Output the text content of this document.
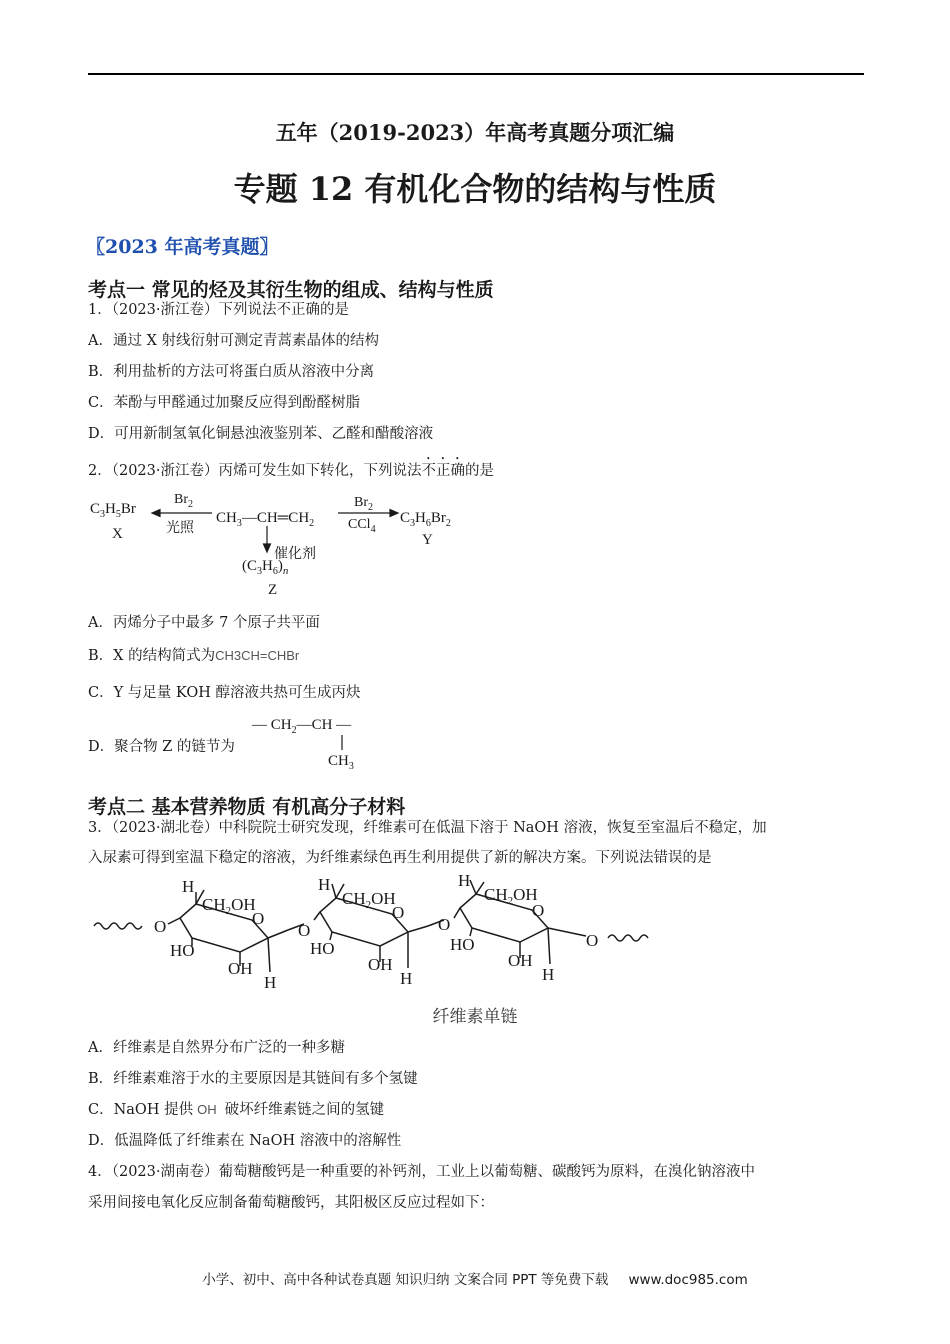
五年（2019-2023）年高考真题分项汇编
专题 12 有机化合物的结构与性质
〖2023 年高考真题〗
考点一 常见的烃及其衍生物的组成、结构与性质
1．（2023·浙江卷）下列说法不正确的是
A．通过 X 射线衍射可测定青蒿素晶体的结构
B．利用盐析的方法可将蛋白质从溶液中分离
C．苯酚与甲醛通过加聚反应得到酚醛树脂
D．可用新制氢氧化铜悬浊液鉴别苯、乙醛和醋酸溶液
2．（2023·浙江卷）丙烯可发生如下转化，下列说法不正确的是
$C_3H_5Br$
X
$Br_2$
光照
$CH_3—CH═CH_2$
$Br_2$
CCl$_4$
$C_3H_6Br_2$
Y
催化剂
$(C_3H_6)_n$
Z
A．丙烯分子中最多 7 个原子共平面
B．X 的结构简式为CH3CH=CHBr
C．Y 与足量 KOH 醇溶液共热可生成丙炔
D．聚合物 Z 的链节为
— $CH_2—CH$ —
$CH_3$
考点二 基本营养物质 有机高分子材料
3．（2023·湖北卷）中科院院士研究发现，纤维素可在低温下溶于 NaOH 溶液，恢复至室温后不稳定，加
入尿素可得到室温下稳定的溶液，为纤维素绿色再生利用提供了新的解决方案。下列说法错误的是
O
H
$CH_2OH$
O
HO
OH
H
O
H
$CH_2OH$
O
HO
OH
H
O
H
$CH_2OH$
O
HO
OH
H
O
纤维素单链
A．纤维素是自然界分布广泛的一种多糖
B．纤维素难溶于水的主要原因是其链间有多个氢键
C．NaOH 提供 OH 破坏纤维素链之间的氢键
D．低温降低了纤维素在 NaOH 溶液中的溶解性
4．（2023·湖南卷）葡萄糖酸钙是一种重要的补钙剂，工业上以葡萄糖、碳酸钙为原料，在溴化钠溶液中
采用间接电氧化反应制备葡萄糖酸钙，其阳极区反应过程如下：
小学、初中、高中各种试卷真题 知识归纳 文案合同 PPT 等免费下载 www.doc985.com
